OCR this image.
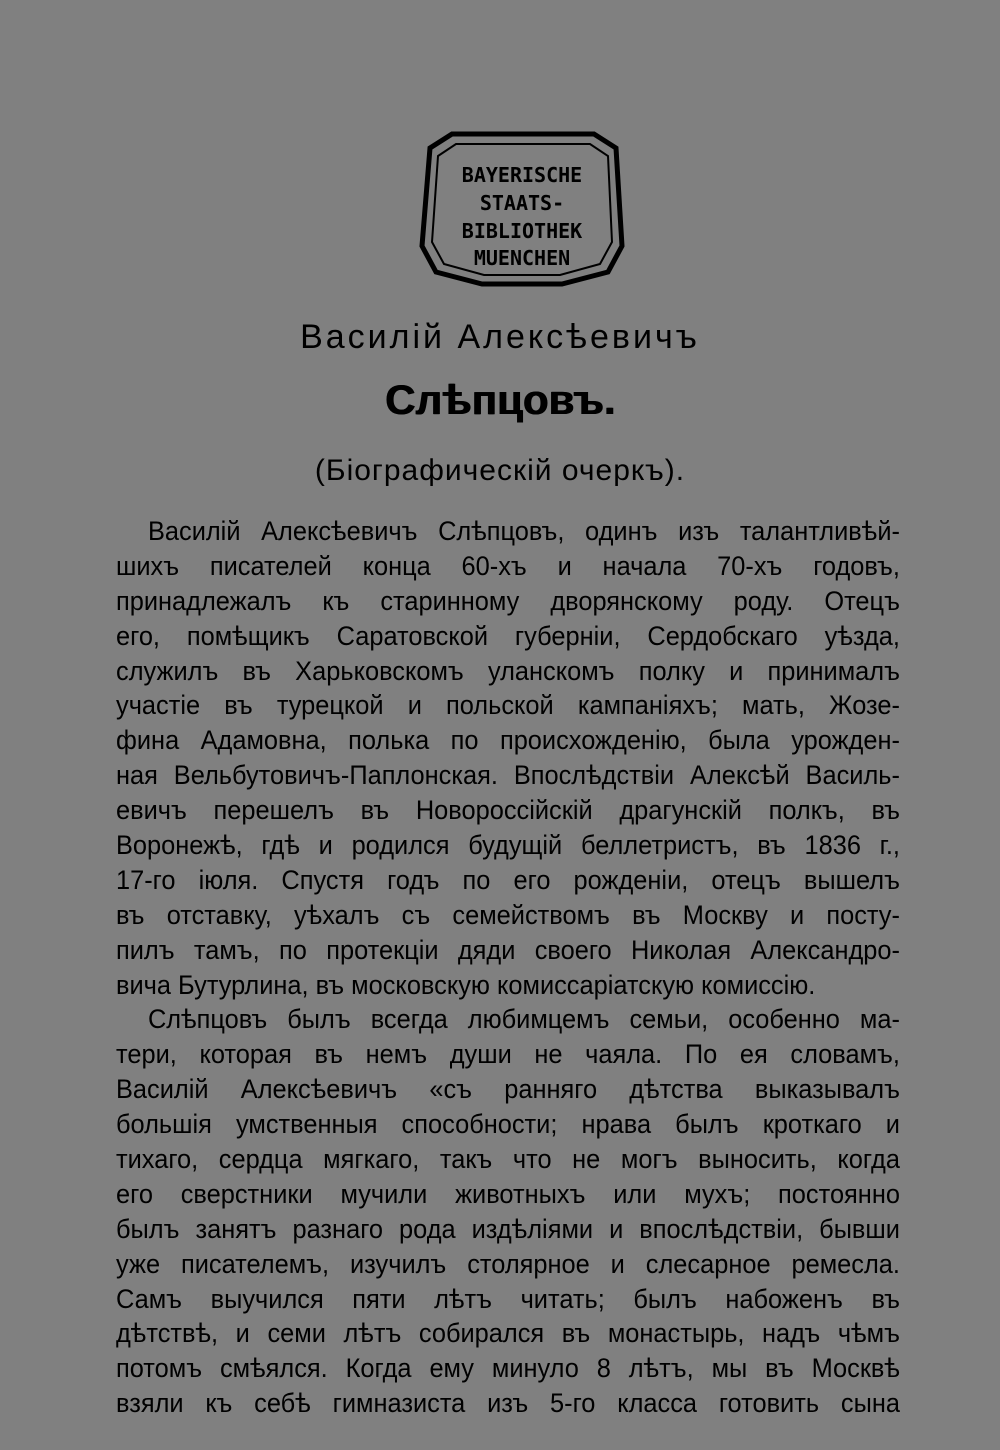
BAYERISCHE
STAATS-
BIBLIOTHEK
MUENCHEN
Василій Алексѣевичъ
Слѣпцовъ.
(Біографическій очеркъ).
Василій Алексѣевичъ Слѣпцовъ, одинъ изъ талантливѣй-
шихъ писателей конца 60-хъ и начала 70-хъ годовъ,
принадлежалъ къ старинному дворянскому роду. Отецъ
его, помѣщикъ Саратовской губерніи, Сердобскаго уѣзда,
служилъ въ Харьковскомъ уланскомъ полку и принималъ
участіе въ турецкой и польской кампаніяхъ; мать, Жозе-
фина Адамовна, полька по происхожденію, была урожден-
ная Вельбутовичъ-Паплонская. Впослѣдствіи Алексѣй Василь-
евичъ перешелъ въ Новороссійскій драгунскій полкъ, въ
Воронежѣ, гдѣ и родился будущій беллетристъ, въ 1836 г.,
17-го іюля. Спустя годъ по его рожденіи, отецъ вышелъ
въ отставку, уѣхалъ съ семействомъ въ Москву и посту-
пилъ тамъ, по протекціи дяди своего Николая Александро-
вича Бутурлина, въ московскую комиссаріатскую комиссію.
Слѣпцовъ былъ всегда любимцемъ семьи, особенно ма-
тери, которая въ немъ души не чаяла. По ея словамъ,
Василій Алексѣевичъ «съ ранняго дѣтства выказывалъ
большія умственныя способности; нрава былъ кроткаго и
тихаго, сердца мягкаго, такъ что не могъ выносить, когда
его сверстники мучили животныхъ или мухъ; постоянно
былъ занятъ разнаго рода издѣліями и впослѣдствіи, бывши
уже писателемъ, изучилъ столярное и слесарное ремесла.
Самъ выучился пяти лѣтъ читать; былъ набоженъ въ
дѣтствѣ, и семи лѣтъ собирался въ монастырь, надъ чѣмъ
потомъ смѣялся. Когда ему минуло 8 лѣтъ, мы въ Москвѣ
взяли къ себѣ гимназиста изъ 5-го класса готовить сына
